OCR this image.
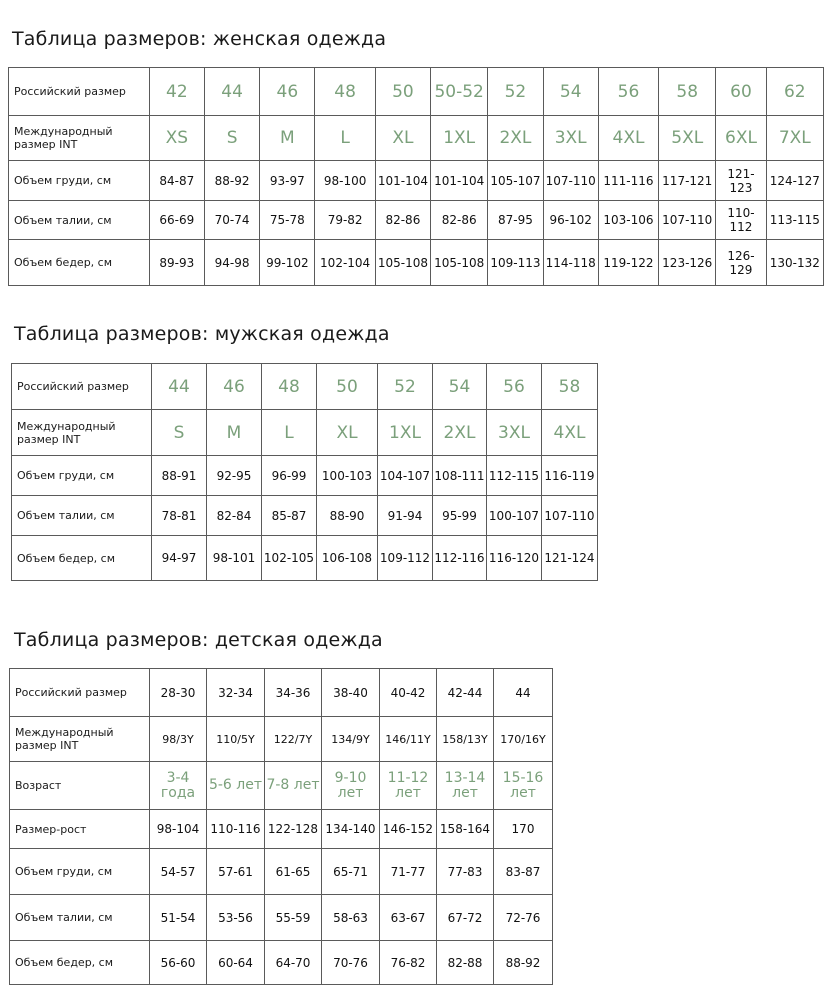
Таблица размеров: женская одежда
Российский размер	42	44	46	48	50	50-52	52	54	56	58	60	62
Международный размер INT	XS	S	M	L	XL	1XL	2XL	3XL	4XL	5XL	6XL	7XL
Объем груди, см	84-87	88-92	93-97	98-100	101-104	101-104	105-107	107-110	111-116	117-121	121-123	124-127
Объем талии, см	66-69	70-74	75-78	79-82	82-86	82-86	87-95	96-102	103-106	107-110	110-112	113-115
Объем бедер, см	89-93	94-98	99-102	102-104	105-108	105-108	109-113	114-118	119-122	123-126	126-129	130-132
Таблица размеров: мужская одежда
Российский размер	44	46	48	50	52	54	56	58
Международный размер INT	S	M	L	XL	1XL	2XL	3XL	4XL
Объем груди, см	88-91	92-95	96-99	100-103	104-107	108-111	112-115	116-119
Объем талии, см	78-81	82-84	85-87	88-90	91-94	95-99	100-107	107-110
Объем бедер, см	94-97	98-101	102-105	106-108	109-112	112-116	116-120	121-124
Таблица размеров: детская одежда
Российский размер	28-30	32-34	34-36	38-40	40-42	42-44	44
Международный размер INT	98/3Y	110/5Y	122/7Y	134/9Y	146/11Y	158/13Y	170/16Y
Возраст	3-4 года	5-6 лет	7-8 лет	9-10 лет	11-12 лет	13-14 лет	15-16 лет
Размер-рост	98-104	110-116	122-128	134-140	146-152	158-164	170
Объем груди, см	54-57	57-61	61-65	65-71	71-77	77-83	83-87
Объем талии, см	51-54	53-56	55-59	58-63	63-67	67-72	72-76
Объем бедер, см	56-60	60-64	64-70	70-76	76-82	82-88	88-92
